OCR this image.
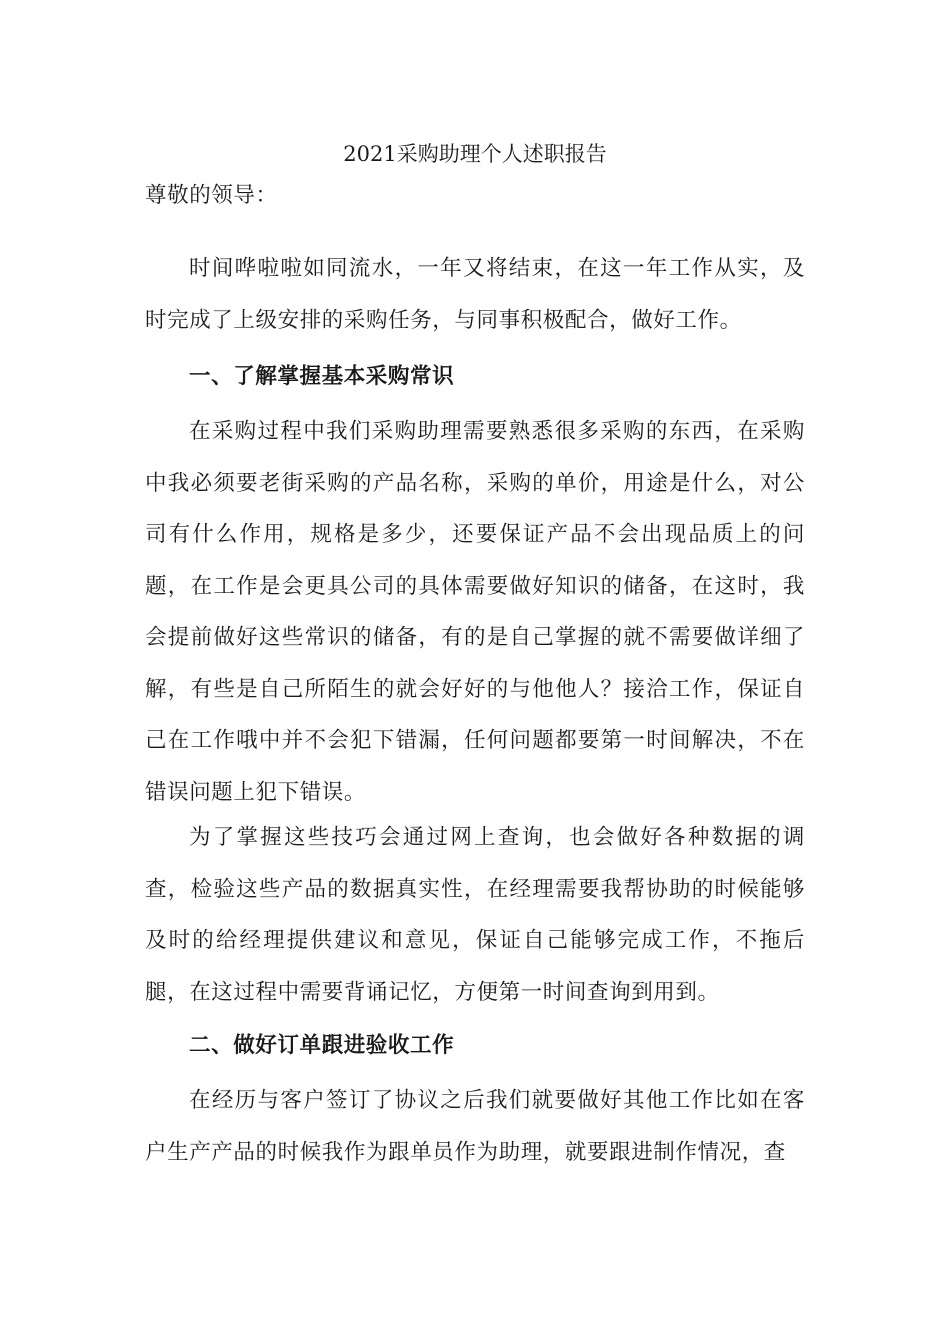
2021采购助理个人述职报告

尊敬的领导：

时间哗啦啦如同流水，一年又将结束，在这一年工作从实，及时完成了上级安排的采购任务，与同事积极配合，做好工作。

一、了解掌握基本采购常识

在采购过程中我们采购助理需要熟悉很多采购的东西，在采购中我必须要老街采购的产品名称，采购的单价，用途是什么，对公司有什么作用，规格是多少，还要保证产品不会出现品质上的问题，在工作是会更具公司的具体需要做好知识的储备，在这时，我会提前做好这些常识的储备，有的是自己掌握的就不需要做详细了解，有些是自己所陌生的就会好好的与他他人？接洽工作，保证自己在工作哦中并不会犯下错漏，任何问题都要第一时间解决，不在错误问题上犯下错误。

为了掌握这些技巧会通过网上查询，也会做好各种数据的调查，检验这些产品的数据真实性，在经理需要我帮协助的时候能够及时的给经理提供建议和意见，保证自己能够完成工作，不拖后腿，在这过程中需要背诵记忆，方便第一时间查询到用到。

二、做好订单跟进验收工作

在经历与客户签订了协议之后我们就要做好其他工作比如在客户生产产品的时候我作为跟单员作为助理，就要跟进制作情况，查
